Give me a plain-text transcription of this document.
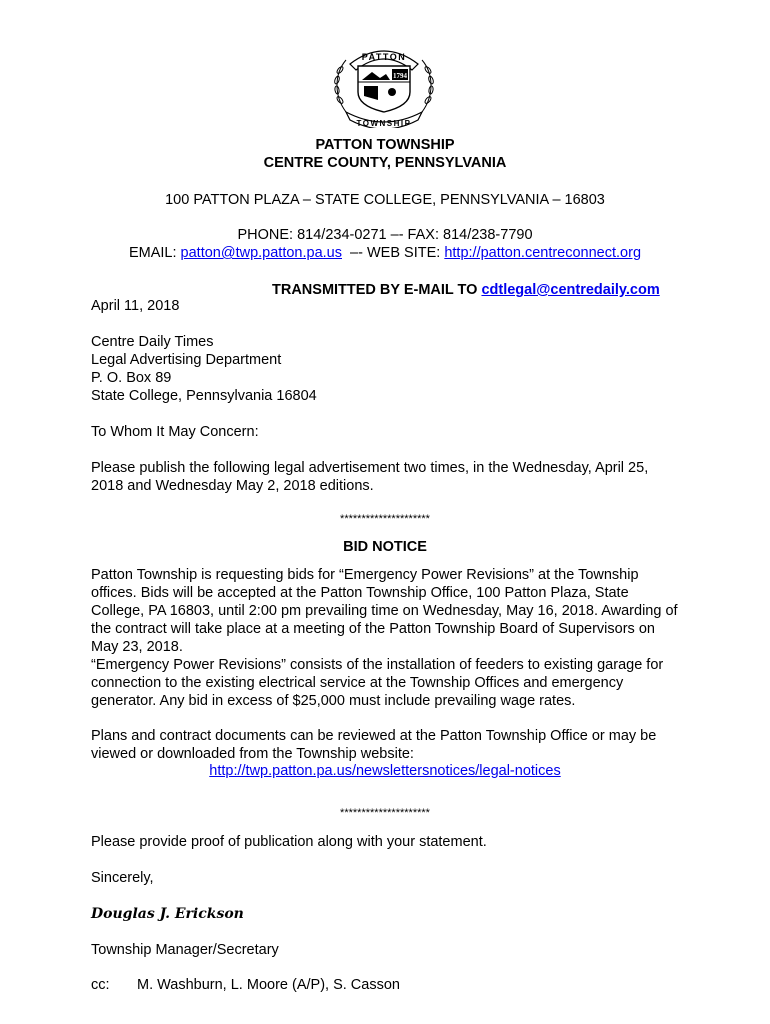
PATTON
1794
TOWNSHIP
PATTON TOWNSHIP
CENTRE COUNTY, PENNSYLVANIA
100 PATTON PLAZA – STATE COLLEGE, PENNSYLVANIA – 16803
PHONE: 814/234-0271 –- FAX: 814/238-7790
EMAIL: patton@twp.patton.pa.us  –- WEB SITE: http://patton.centreconnect.org
TRANSMITTED BY E-MAIL TO cdtlegal@centredaily.com
April 11, 2018
Centre Daily Times
Legal Advertising Department
P. O. Box 89
State College, Pennsylvania 16804
To Whom It May Concern:

Please publish the following legal advertisement two times, in the Wednesday, April 25, 2018 and Wednesday May 2, 2018 editions.

*********************
BID NOTICE

Patton Township is requesting bids for “Emergency Power Revisions” at the Township offices. Bids will be accepted at the Patton Township Office, 100 Patton Plaza, State College, PA 16803, until 2:00 pm prevailing time on Wednesday, May 16, 2018. Awarding of the contract will take place at a meeting of the Patton Township Board of Supervisors on May 23, 2018.

“Emergency Power Revisions” consists of the installation of feeders to existing garage for connection to the existing electrical service at the Township Offices and emergency generator. Any bid in excess of $25,000 must include prevailing wage rates.

Plans and contract documents can be reviewed at the Patton Township Office or may be viewed or downloaded from the Township website:

http://twp.patton.pa.us/newslettersnotices/legal-notices
*********************
Please provide proof of publication along with your statement.
Sincerely,
Douglas J. Erickson
Township Manager/Secretary
cc: M. Washburn, L. Moore (A/P), S. Casson
